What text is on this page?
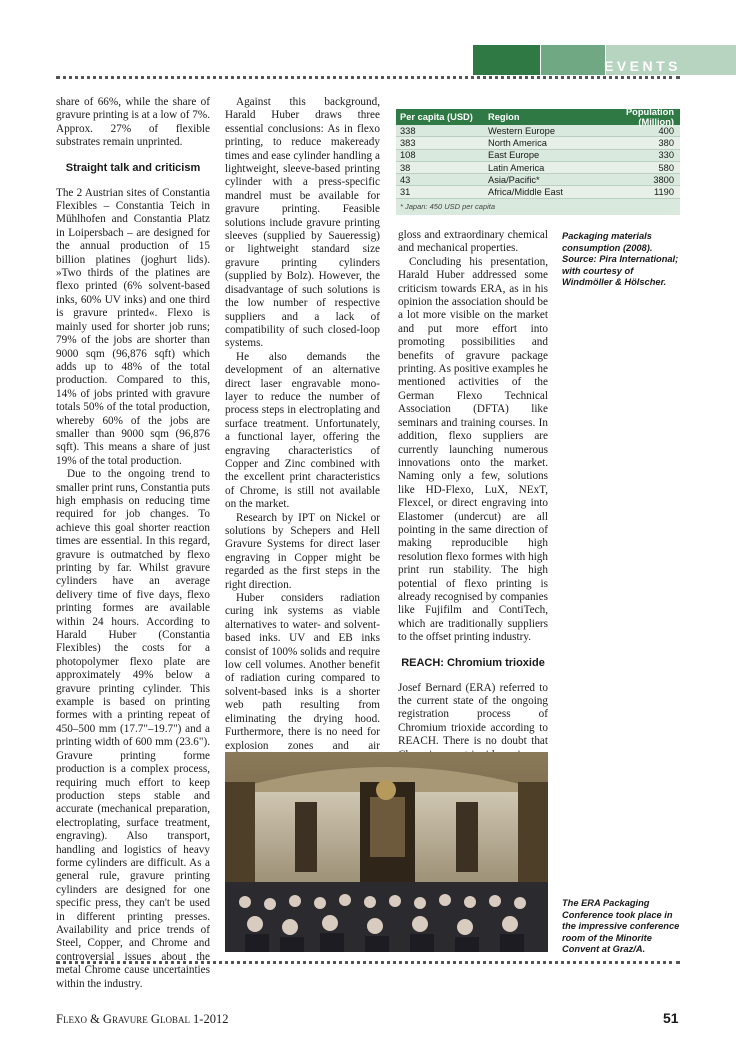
EVENTS

share of 66%, while the share of gravure printing is at a low of 7%. Approx. 27% of flexible substrates remain unprinted.

Straight talk and criticism

The 2 Austrian sites of Constantia Flexibles – Constantia Teich in Mühlhofen and Constantia Platz in Loipersbach – are designed for the annual production of 15 billion platines (joghurt lids). »Two thirds of the platines are flexo printed (6% solvent-based inks, 60% UV inks) and one third is gravure printed«. Flexo is mainly used for shorter job runs; 79% of the jobs are shorter than 9000 sqm (96,876 sqft) which adds up to 48% of the total production. Compared to this, 14% of jobs printed with gravure totals 50% of the total production, whereby 60% of the jobs are smaller than 9000 sqm (96,876 sqft). This means a share of just 19% of the total production.

Due to the ongoing trend to smaller print runs, Constantia puts high emphasis on reducing time required for job changes. To achieve this goal shorter reaction times are essential. In this regard, gravure is outmatched by flexo printing by far. Whilst gravure cylinders have an average delivery time of five days, flexo printing formes are available within 24 hours. According to Harald Huber (Constantia Flexibles) the costs for a photopolymer flexo plate are approximately 49% below a gravure printing cylinder. This example is based on printing formes with a printing repeat of 450–500 mm (17.7"–19.7") and a printing width of 600 mm (23.6"). Gravure printing forme production is a complex process, requiring much effort to keep production steps stable and accurate (mechanical preparation, electroplating, surface treatment, engraving). Also transport, handling and logistics of heavy forme cylinders are difficult. As a general rule, gravure printing cylinders are designed for one specific press, they can't be used in different printing presses. Availability and price trends of Steel, Copper, and Chrome and controversial issues about the metal Chrome cause uncertainties within the industry.

Against this background, Harald Huber draws three essential conclusions: As in flexo printing, to reduce makeready times and ease cylinder handling a lightweight, sleeve-based printing cylinder with a press-specific mandrel must be available for gravure printing. Feasible solutions include gravure printing sleeves (supplied by Saueressig) or lightweight standard size gravure printing cylinders (supplied by Bolz). However, the disadvantage of such solutions is the low number of respective suppliers and a lack of compatibility of such closed-loop systems.

He also demands the development of an alternative direct laser engravable mono-layer to reduce the number of process steps in electroplating and surface treatment. Unfortunately, a functional layer, offering the engraving characteristics of Copper and Zinc combined with the excellent print characteristics of Chrome, is still not available on the market.

Research by IPT on Nickel or solutions by Schepers and Hell Gravure Systems for direct laser engraving in Copper might be regarded as the first steps in the right direction.

Huber considers radiation curing ink systems as viable alternatives to water- and solvent-based inks. UV and EB inks consist of 100% solids and require low cell volumes. Another benefit of radiation curing compared to solvent-based inks is a shorter web path resulting from eliminating the drying hood. Furthermore, there is no need for explosion zones and air

Per capita (USD)	Region	Population (Million)
338	Western Europe	400
383	North America	380
108	East Europe	330
38	Latin America	580
43	Asia/Pacific*	3800
31	Africa/Middle East	1190
* Japan: 450 USD per capita
Packaging materials consumption (2008). Source: Pira International; with courtesy of Windmöller & Hölscher.

gloss and extraordinary chemical and mechanical properties.

Concluding his presentation, Harald Huber addressed some criticism towards ERA, as in his opinion the association should be a lot more visible on the market and put more effort into promoting possibilities and benefits of gravure package printing. As positive examples he mentioned activities of the German Flexo Technical Association (DFTA) like seminars and training courses. In addition, flexo suppliers are currently launching numerous innovations onto the market. Naming only a few, solutions like HD-Flexo, LuX, NExT, Flexcel, or direct engraving into Elastomer (undercut) are all pointing in the same direction of making reproducible high resolution flexo formes with high print run stability. The high potential of flexo printing is already recognised by companies like Fujifilm and ContiTech, which are traditionally suppliers to the offset printing industry.

REACH: Chromium trioxide

Josef Bernard (ERA) referred to the current state of the ongoing registration process of Chromium trioxide according to REACH. There is no doubt that

The ERA Packaging Conference took place in the impressive conference room of the Minorite Convent at Graz/A.
Flexo & Gravure Global 1-2012	51
